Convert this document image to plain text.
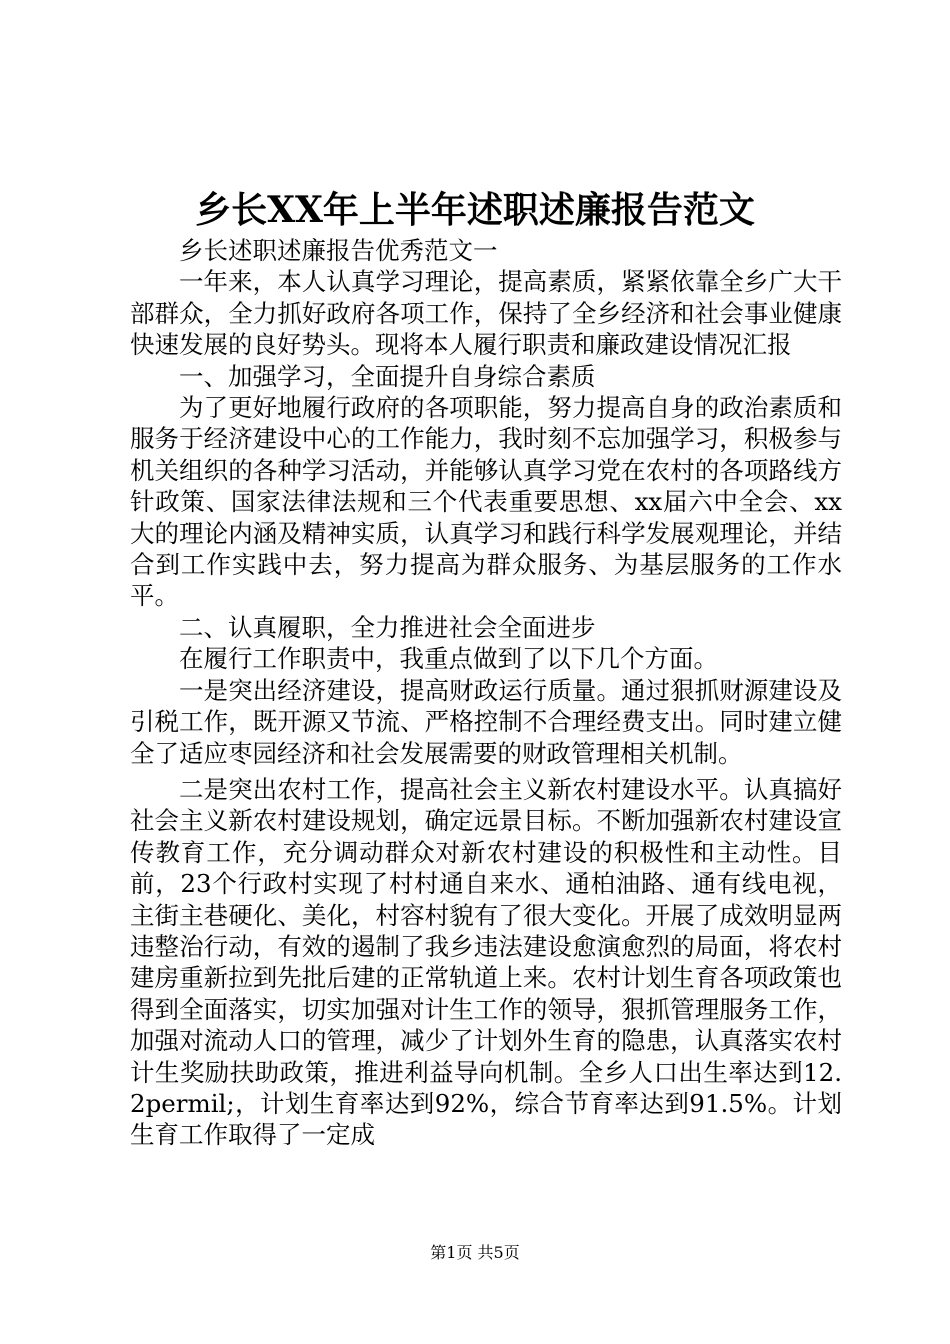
乡长XX年上半年述职述廉报告范文

乡长述职述廉报告优秀范文一

一年来，本人认真学习理论，提高素质，紧紧依靠全乡广大干部群众，全力抓好政府各项工作，保持了全乡经济和社会事业健康快速发展的良好势头。现将本人履行职责和廉政建设情况汇报

一、加强学习，全面提升自身综合素质

为了更好地履行政府的各项职能，努力提高自身的政治素质和服务于经济建设中心的工作能力，我时刻不忘加强学习，积极参与机关组织的各种学习活动，并能够认真学习党在农村的各项路线方针政策、国家法律法规和三个代表重要思想、xx届六中全会、xx大的理论内涵及精神实质，认真学习和践行科学发展观理论，并结合到工作实践中去，努力提高为群众服务、为基层服务的工作水平。

二、认真履职，全力推进社会全面进步

在履行工作职责中，我重点做到了以下几个方面。

一是突出经济建设，提高财政运行质量。通过狠抓财源建设及引税工作，既开源又节流、严格控制不合理经费支出。同时建立健全了适应枣园经济和社会发展需要的财政管理相关机制。

二是突出农村工作，提高社会主义新农村建设水平。认真搞好社会主义新农村建设规划，确定远景目标。不断加强新农村建设宣传教育工作，充分调动群众对新农村建设的积极性和主动性。目前，23个行政村实现了村村通自来水、通柏油路、通有线电视，主街主巷硬化、美化，村容村貌有了很大变化。开展了成效明显两违整治行动，有效的遏制了我乡违法建设愈演愈烈的局面，将农村建房重新拉到先批后建的正常轨道上来。农村计划生育各项政策也得到全面落实，切实加强对计生工作的领导，狠抓管理服务工作，加强对流动人口的管理，减少了计划外生育的隐患，认真落实农村计生奖励扶助政策，推进利益导向机制。全乡人口出生率达到12.2permil;，计划生育率达到92%，综合节育率达到91.5%。计划生育工作取得了一定成

第1页 共5页
